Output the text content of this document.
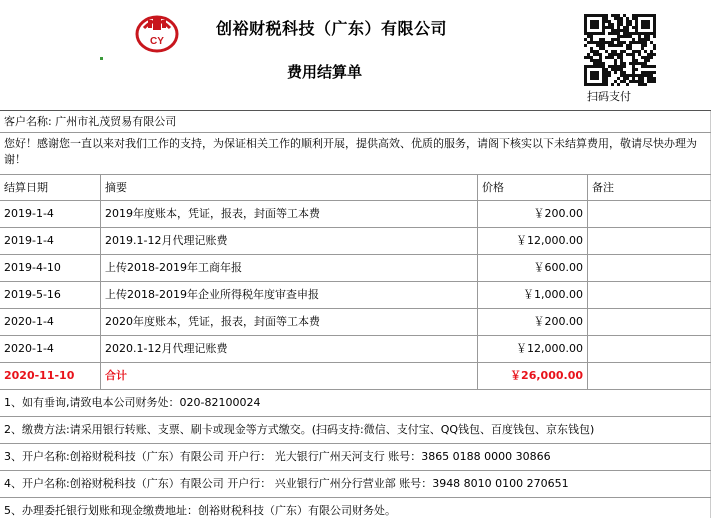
CY
创裕财税科技（广东）有限公司
费用结算单
扫码支付
客户名称: 广州市礼茂贸易有限公司
您好！感谢您一直以来对我们工作的支持，为保证相关工作的顺利开展，提供高效、优质的服务，请阁下核实以下未结算费用，敬请尽快办理为谢！
结算日期	摘要	价格	备注
2019-1-4	2019年度账本，凭证，报表，封面等工本费	￥200.00
2019-1-4	2019.1-12月代理记账费	￥12,000.00
2019-4-10	上传2018-2019年工商年报	￥600.00
2019-5-16	上传2018-2019年企业所得税年度审查申报	￥1,000.00
2020-1-4	2020年度账本，凭证，报表，封面等工本费	￥200.00
2020-1-4	2020.1-12月代理记账费	￥12,000.00
2020-11-10	合计	￥26,000.00
1、如有垂询,请致电本公司财务处：020-82100024
2、缴费方法:请采用银行转账、支票、刷卡或现金等方式缴交。(扫码支持:微信、支付宝、QQ钱包、百度钱包、京东钱包)
3、开户名称:创裕财税科技（广东）有限公司 开户行： 光大银行广州天河支行 账号：3865 0188 0000 30866
4、开户名称:创裕财税科技（广东）有限公司 开户行： 兴业银行广州分行营业部 账号：3948 8010 0100 270651
5、办理委托银行划账和现金缴费地址：创裕财税科技（广东）有限公司财务处。
